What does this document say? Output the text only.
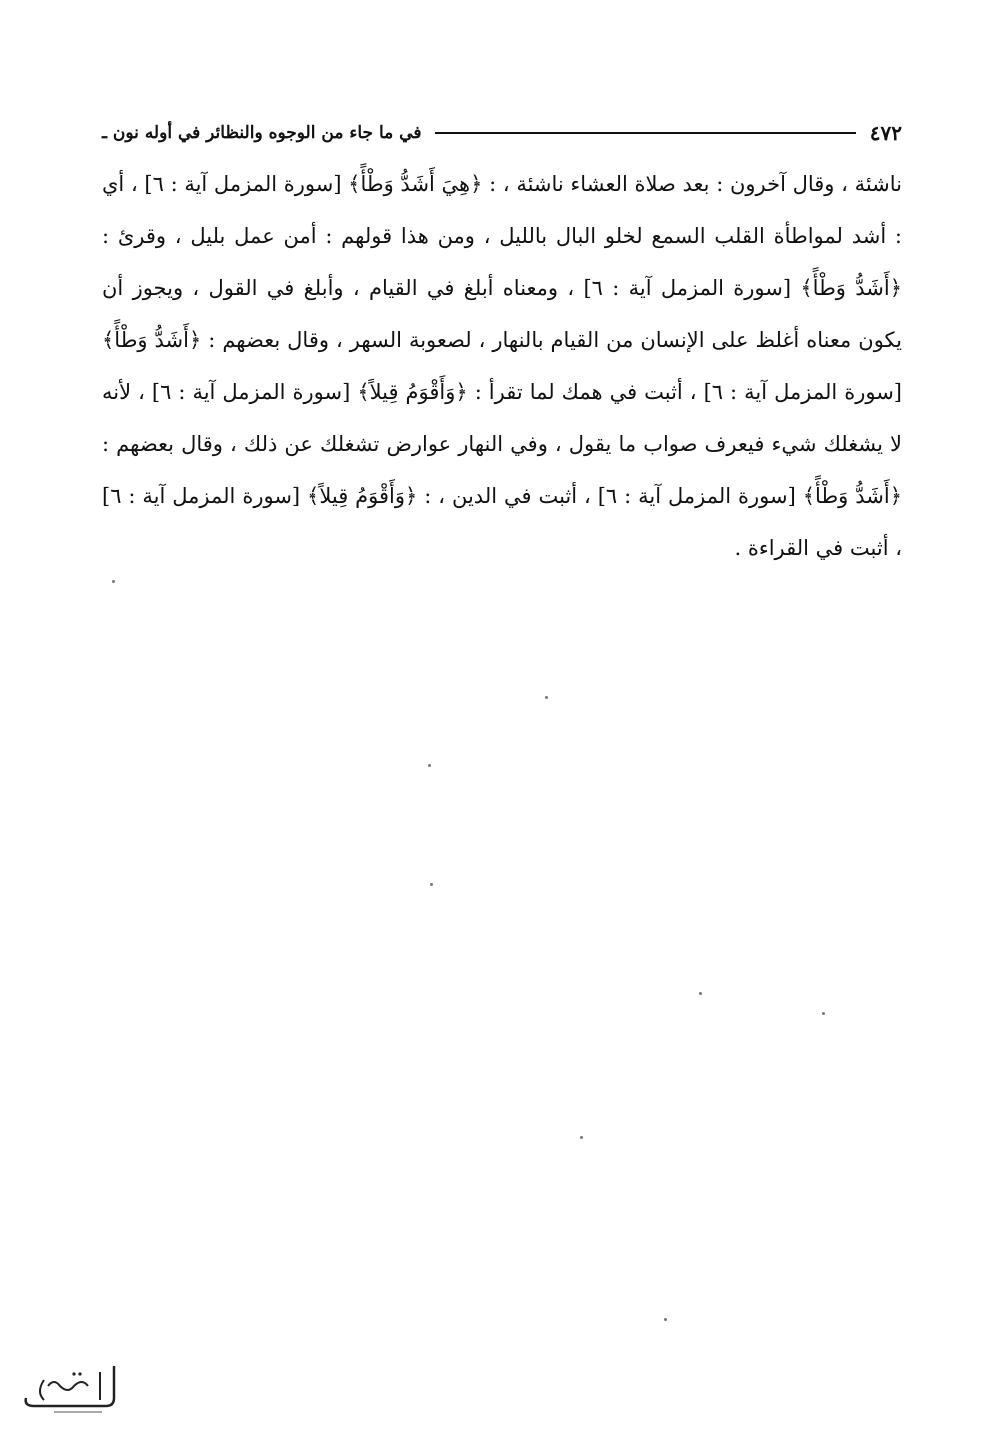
٤٧٢
في ما جاء من الوجوه والنظائر في أوله نون ـ

ناشئة ، وقال آخرون : بعد صلاة العشاء ناشئة ، : ﴿هِيَ أَشَدُّ وَطْأً﴾ [سورة المزمل آية : ٦] ، أي : أشد لمواطأة القلب السمع لخلو البال بالليل ، ومن هذا قولهم : أمن عمل بليل ، وقرئ : ﴿أَشَدُّ وَطْأً﴾ [سورة المزمل آية : ٦] ، ومعناه أبلغ في القيام ، وأبلغ في القول ، ويجوز أن يكون معناه أغلظ على الإنسان من القيام بالنهار ، لصعوبة السهر ، وقال بعضهم : ﴿أَشَدُّ وَطْأً﴾ [سورة المزمل آية : ٦] ، أثبت في همك لما تقرأ : ﴿وَأَقْوَمُ قِيلاً﴾ [سورة المزمل آية : ٦] ، لأنه لا يشغلك شيء فيعرف صواب ما يقول ، وفي النهار عوارض تشغلك عن ذلك ، وقال بعضهم : ﴿أَشَدُّ وَطْأً﴾ [سورة المزمل آية : ٦] ، أثبت في الدين ، : ﴿وَأَقْوَمُ قِيلاً﴾ [سورة المزمل آية : ٦] ، أثبت في القراءة .
